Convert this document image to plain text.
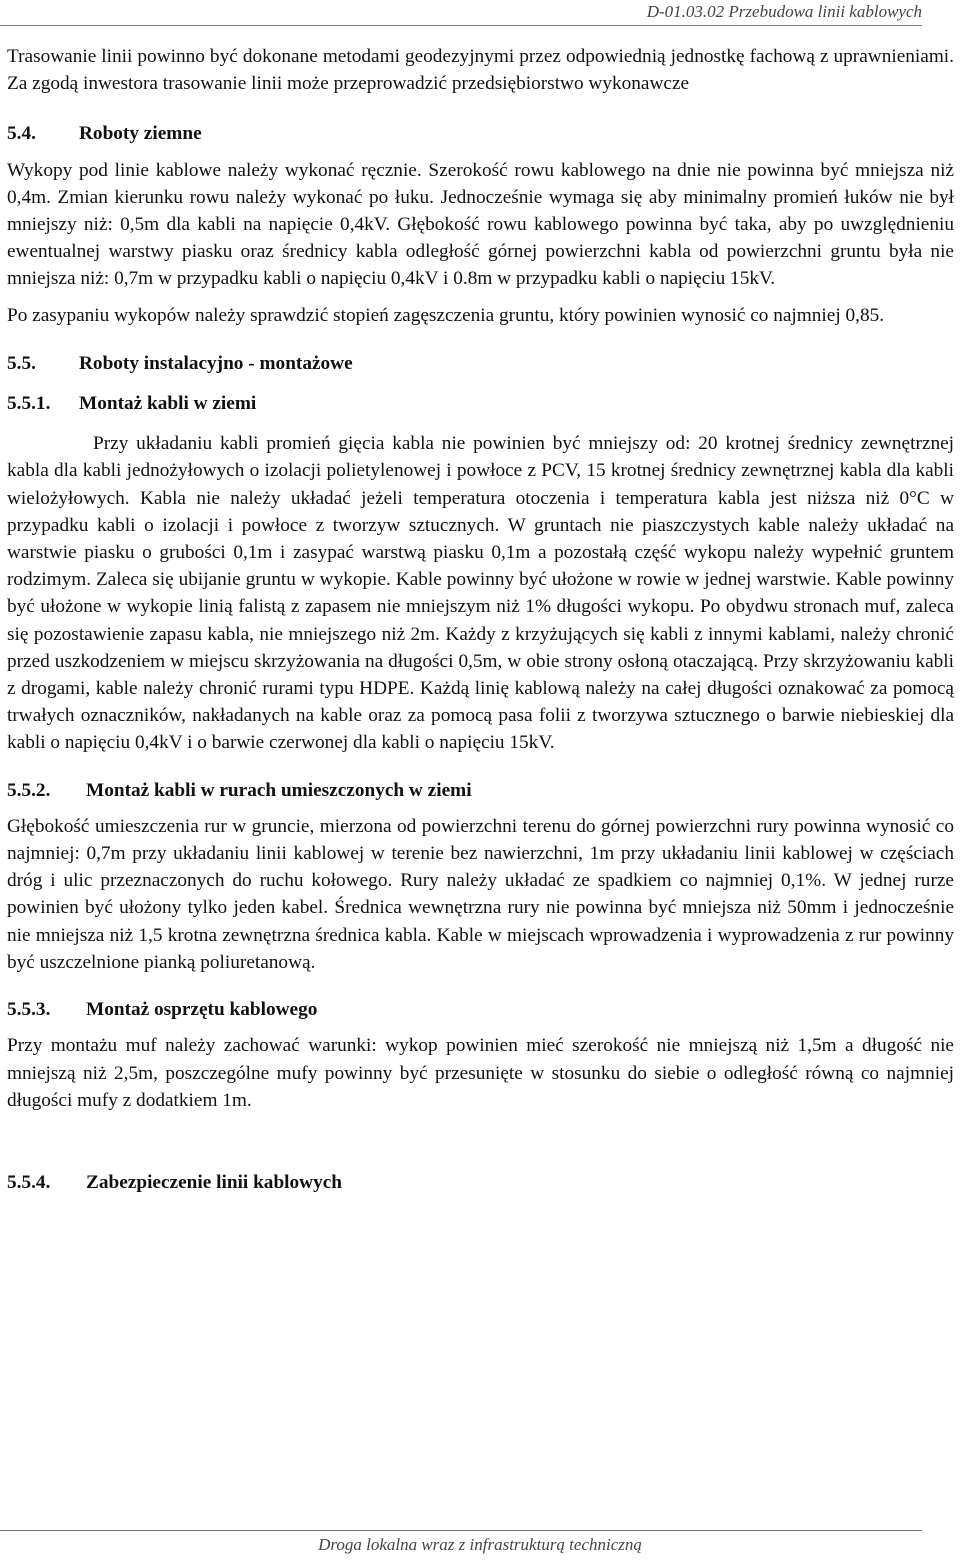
D-01.03.02 Przebudowa linii kablowych

Trasowanie linii powinno być dokonane metodami geodezyjnymi przez odpowiednią jednostkę fachową z uprawnieniami. Za zgodą inwestora trasowanie linii może przeprowadzić przedsiębiorstwo wykonawcze

5.4.	Roboty ziemne

Wykopy pod linie kablowe należy wykonać ręcznie. Szerokość rowu kablowego na dnie nie powinna być mniejsza niż 0,4m. Zmian kierunku rowu należy wykonać po łuku. Jednocześnie wymaga się aby minimalny promień łuków nie był mniejszy niż: 0,5m dla kabli na napięcie 0,4kV. Głębokość rowu kablowego powinna być taka, aby po uwzględnieniu ewentualnej warstwy piasku oraz średnicy kabla odległość górnej powierzchni kabla od powierzchni gruntu była nie mniejsza niż: 0,7m w przypadku kabli o napięciu 0,4kV i 0.8m w przypadku kabli o napięciu 15kV.

Po zasypaniu wykopów należy sprawdzić stopień zagęszczenia gruntu, który powinien wynosić co najmniej 0,85.

5.5.	Roboty instalacyjno - montażowe
5.5.1.	Montaż kabli w ziemi

Przy układaniu kabli promień gięcia kabla nie powinien być mniejszy od: 20 krotnej średnicy zewnętrznej kabla dla kabli jednożyłowych o izolacji polietylenowej i powłoce z PCV, 15 krotnej średnicy zewnętrznej kabla dla kabli wielożyłowych. Kabla nie należy układać jeżeli temperatura otoczenia i temperatura kabla jest niższa niż 0°C w przypadku kabli o izolacji i powłoce z tworzyw sztucznych. W gruntach nie piaszczystych kable należy układać na warstwie piasku o grubości 0,1m i zasypać warstwą piasku 0,1m a pozostałą część wykopu należy wypełnić gruntem rodzimym. Zaleca się ubijanie gruntu w wykopie. Kable powinny być ułożone w rowie w jednej warstwie. Kable powinny być ułożone w wykopie linią falistą z zapasem nie mniejszym niż 1% długości wykopu. Po obydwu stronach muf, zaleca się pozostawienie zapasu kabla, nie mniejszego niż 2m. Każdy z krzyżujących się kabli z innymi kablami, należy chronić przed uszkodzeniem w miejscu skrzyżowania na długości 0,5m, w obie strony osłoną otaczającą. Przy skrzyżowaniu kabli z drogami, kable należy chronić rurami typu HDPE. Każdą linię kablową należy na całej długości oznakować za pomocą trwałych oznaczników, nakładanych na kable oraz za pomocą pasa folii z tworzywa sztucznego o barwie niebieskiej dla kabli o napięciu 0,4kV i o barwie czerwonej dla kabli o napięciu 15kV.

5.5.2.	Montaż kabli w rurach umieszczonych w ziemi

Głębokość umieszczenia rur w gruncie, mierzona od powierzchni terenu do górnej powierzchni rury powinna wynosić co najmniej: 0,7m przy układaniu linii kablowej w terenie bez nawierzchni, 1m przy układaniu linii kablowej w częściach dróg i ulic przeznaczonych do ruchu kołowego. Rury należy układać ze spadkiem co najmniej 0,1%. W jednej rurze powinien być ułożony tylko jeden kabel. Średnica wewnętrzna rury nie powinna być mniejsza niż 50mm i jednocześnie nie mniejsza niż 1,5 krotna zewnętrzna średnica kabla. Kable w miejscach wprowadzenia i wyprowadzenia z rur powinny być uszczelnione pianką poliuretanową.

5.5.3.	Montaż osprzętu kablowego

Przy montażu muf należy zachować warunki: wykop powinien mieć szerokość nie mniejszą niż 1,5m a długość nie mniejszą niż 2,5m, poszczególne mufy powinny być przesunięte w stosunku do siebie o odległość równą co najmniej długości mufy z dodatkiem 1m.

5.5.4.	Zabezpieczenie linii kablowych
Droga lokalna wraz z infrastrukturą techniczną
